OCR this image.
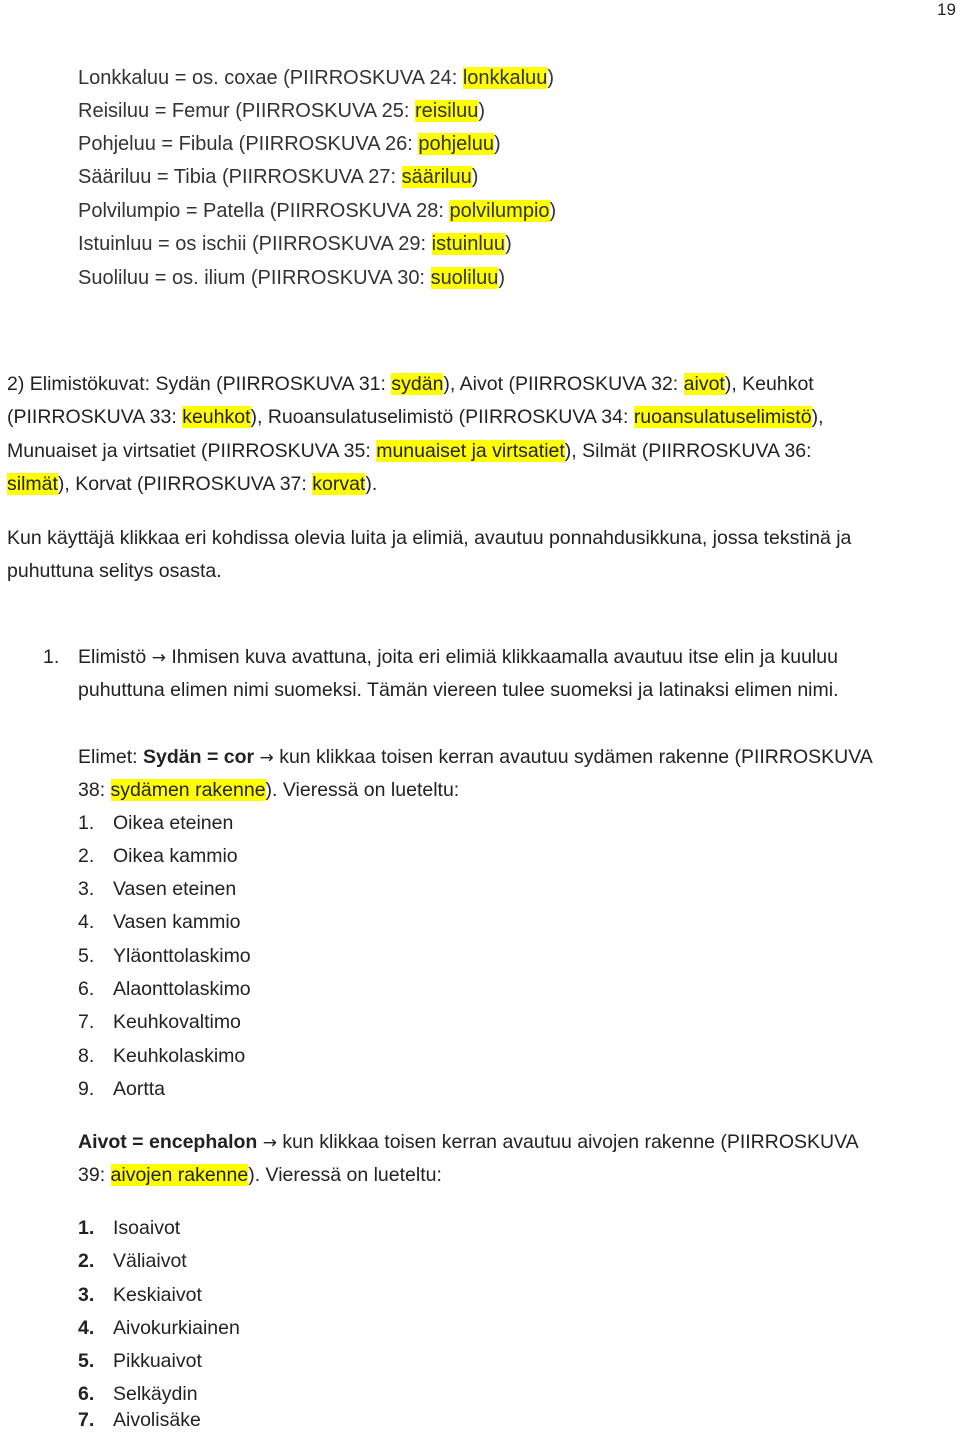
19
Lonkkaluu = os. coxae (PIIRROSKUVA 24: lonkkaluu)
Reisiluu = Femur (PIIRROSKUVA 25: reisiluu)
Pohjeluu = Fibula (PIIRROSKUVA 26: pohjeluu)
Sääriluu = Tibia (PIIRROSKUVA 27: sääriluu)
Polvilumpio = Patella (PIIRROSKUVA 28: polvilumpio)
Istuinluu = os ischii (PIIRROSKUVA 29: istuinluu)
Suoliluu = os. ilium (PIIRROSKUVA 30: suoliluu)
2) Elimistökuvat: Sydän (PIIRROSKUVA 31: sydän), Aivot (PIIRROSKUVA 32: aivot), Keuhkot
(PIIRROSKUVA 33: keuhkot), Ruoansulatuselimistö (PIIRROSKUVA 34: ruoansulatuselimistö),
Munuaiset ja virtsatiet (PIIRROSKUVA 35: munuaiset ja virtsatiet), Silmät (PIIRROSKUVA 36:
silmät), Korvat (PIIRROSKUVA 37: korvat).
Kun käyttäjä klikkaa eri kohdissa olevia luita ja elimiä, avautuu ponnahdusikkuna, jossa tekstinä ja
puhuttuna selitys osasta.
1. Elimistö → Ihmisen kuva avattuna, joita eri elimiä klikkaamalla avautuu itse elin ja kuuluu
puhuttuna elimen nimi suomeksi. Tämän viereen tulee suomeksi ja latinaksi elimen nimi.
Elimet: Sydän = cor → kun klikkaa toisen kerran avautuu sydämen rakenne (PIIRROSKUVA
38: sydämen rakenne). Vieressä on lueteltu:
1. Oikea eteinen
2. Oikea kammio
3. Vasen eteinen
4. Vasen kammio
5. Yläonttolaskimo
6. Alaonttolaskimo
7. Keuhkovaltimo
8. Keuhkolaskimo
9. Aortta
Aivot = encephalon → kun klikkaa toisen kerran avautuu aivojen rakenne (PIIRROSKUVA
39: aivojen rakenne). Vieressä on lueteltu:
1. Isoaivot
2. Väliaivot
3. Keskiaivot
4. Aivokurkiainen
5. Pikkuaivot
6. Selkäydin
7. Aivolisäke
